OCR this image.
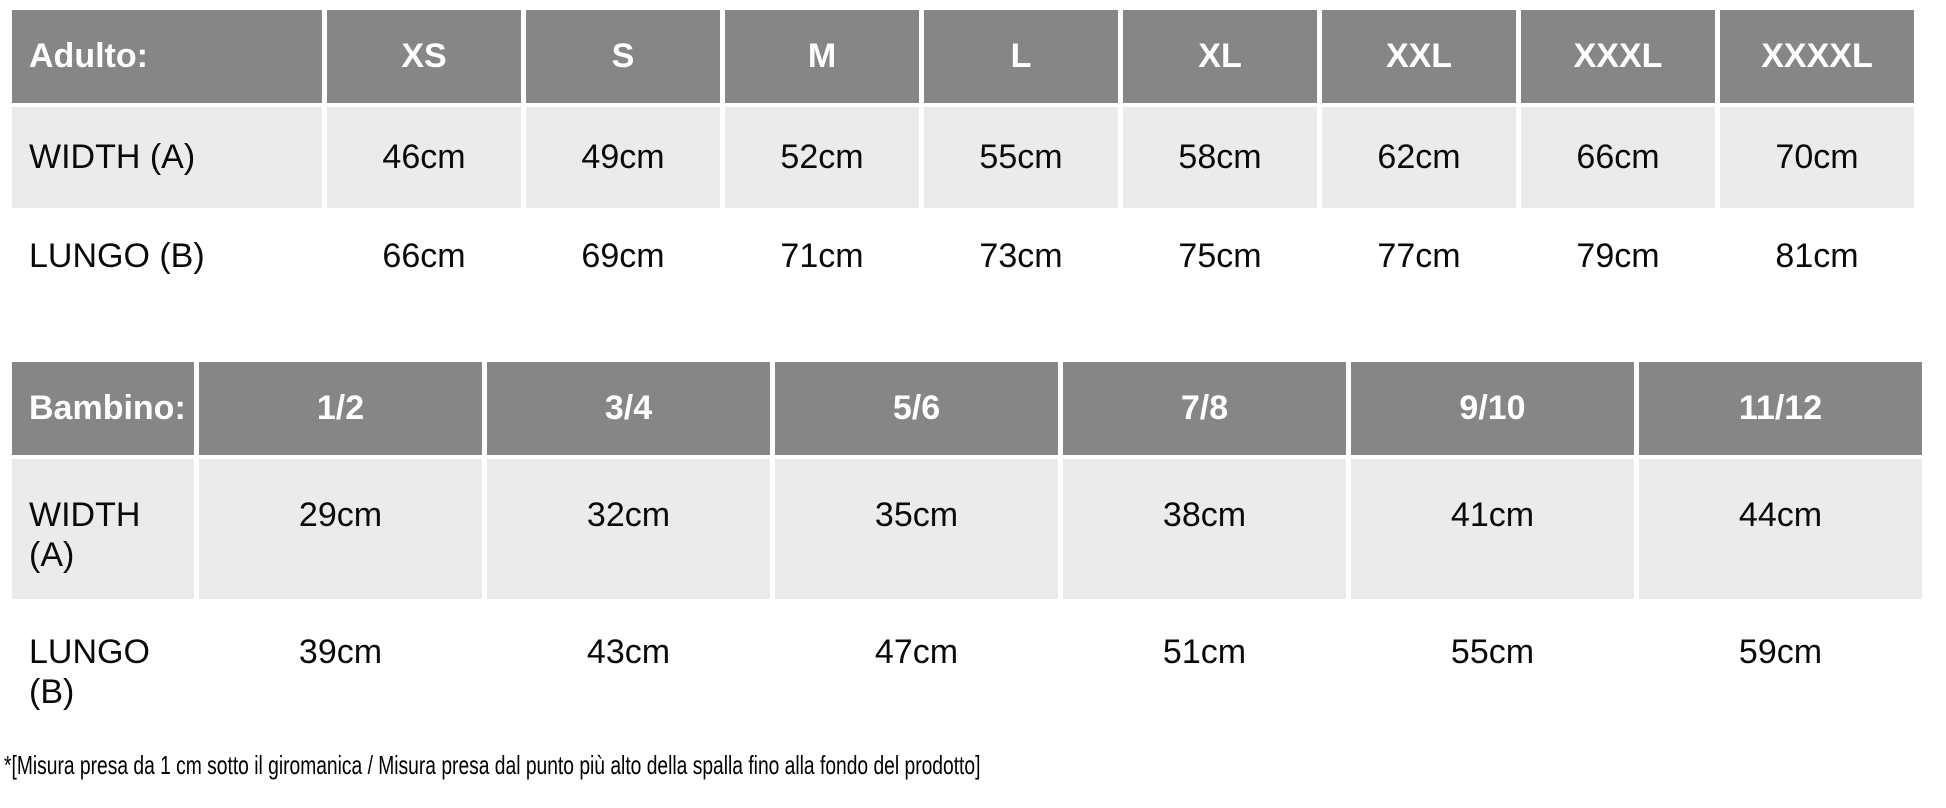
Adulto:	XS	S	M	L	XL	XXL	XXXL	XXXXL
WIDTH (A)	46cm	49cm	52cm	55cm	58cm	62cm	66cm	70cm
LUNGO (B)	66cm	69cm	71cm	73cm	75cm	77cm	79cm	81cm
Bambino:	1/2	3/4	5/6	7/8	9/10	11/12
WIDTH (A)	29cm	32cm	35cm	38cm	41cm	44cm
LUNGO (B)	39cm	43cm	47cm	51cm	55cm	59cm
*[Misura presa da 1 cm sotto il giromanica / Misura presa dal punto più alto della spalla fino alla fondo del prodotto]
